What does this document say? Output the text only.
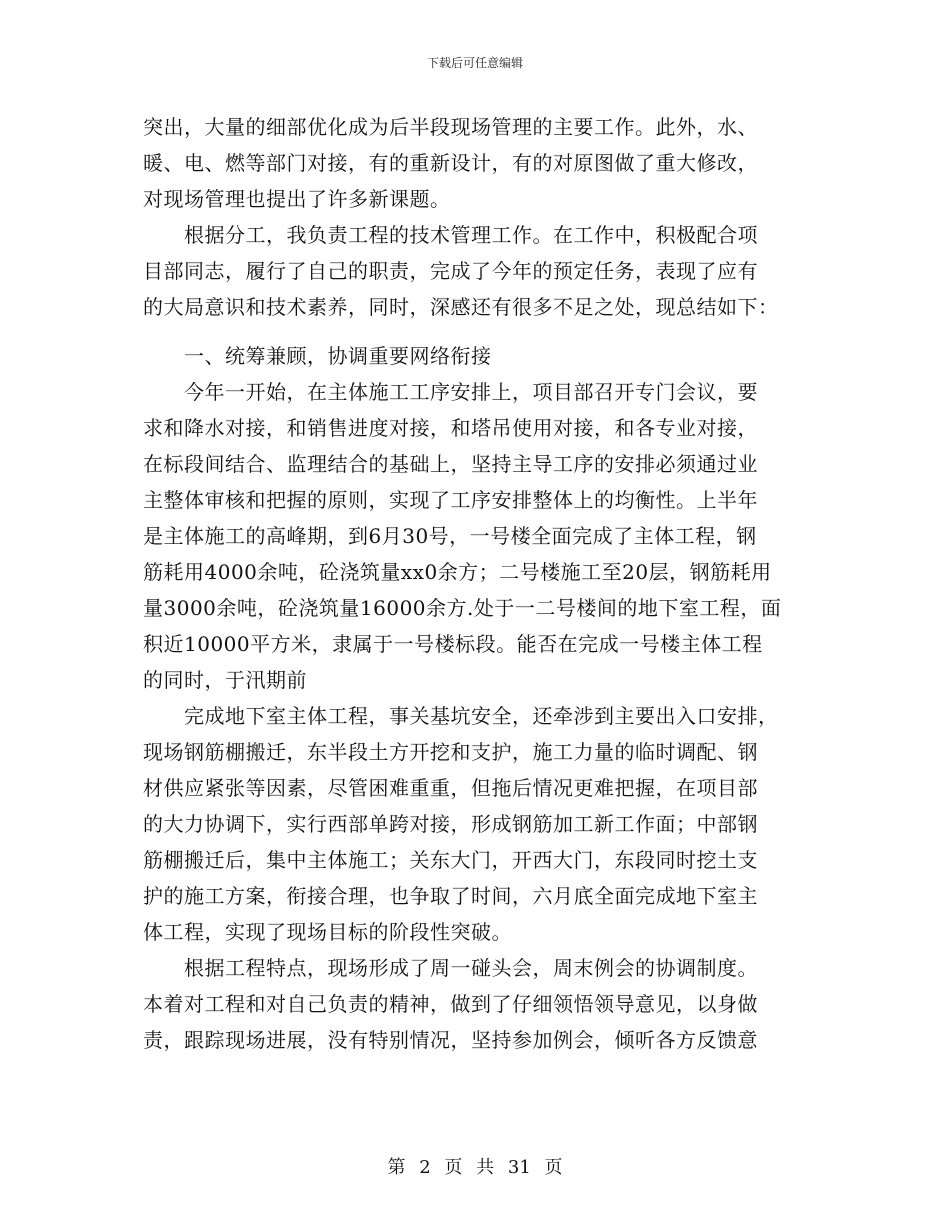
下载后可任意编辑
突出，大量的细部优化成为后半段现场管理的主要工作。此外，水、
暖、电、燃等部门对接，有的重新设计，有的对原图做了重大修改，
对现场管理也提出了许多新课题。
　　根据分工，我负责工程的技术管理工作。在工作中，积极配合项
目部同志，履行了自己的职责，完成了今年的预定任务，表现了应有
的大局意识和技术素养，同时，深感还有很多不足之处，现总结如下：
　　一、统筹兼顾，协调重要网络衔接
　　今年一开始，在主体施工工序安排上，项目部召开专门会议，要
求和降水对接，和销售进度对接，和塔吊使用对接，和各专业对接，
在标段间结合、监理结合的基础上，坚持主导工序的安排必须通过业
主整体审核和把握的原则，实现了工序安排整体上的均衡性。上半年
是主体施工的高峰期，到6月30号，一号楼全面完成了主体工程，钢
筋耗用4000余吨，砼浇筑量xx0余方；二号楼施工至20层，钢筋耗用
量3000余吨，砼浇筑量16000余方.处于一二号楼间的地下室工程，面
积近10000平方米，隶属于一号楼标段。能否在完成一号楼主体工程
的同时，于汛期前
　　完成地下室主体工程，事关基坑安全，还牵涉到主要出入口安排，
现场钢筋棚搬迁，东半段土方开挖和支护，施工力量的临时调配、钢
材供应紧张等因素，尽管困难重重，但拖后情况更难把握，在项目部
的大力协调下，实行西部单跨对接，形成钢筋加工新工作面；中部钢
筋棚搬迁后，集中主体施工；关东大门，开西大门，东段同时挖土支
护的施工方案，衔接合理，也争取了时间，六月底全面完成地下室主
体工程，实现了现场目标的阶段性突破。
　　根据工程特点，现场形成了周一碰头会，周末例会的协调制度。
本着对工程和对自己负责的精神，做到了仔细领悟领导意见，以身做
责，跟踪现场进展，没有特别情况，坚持参加例会，倾听各方反馈意
第 2 页 共 31 页
